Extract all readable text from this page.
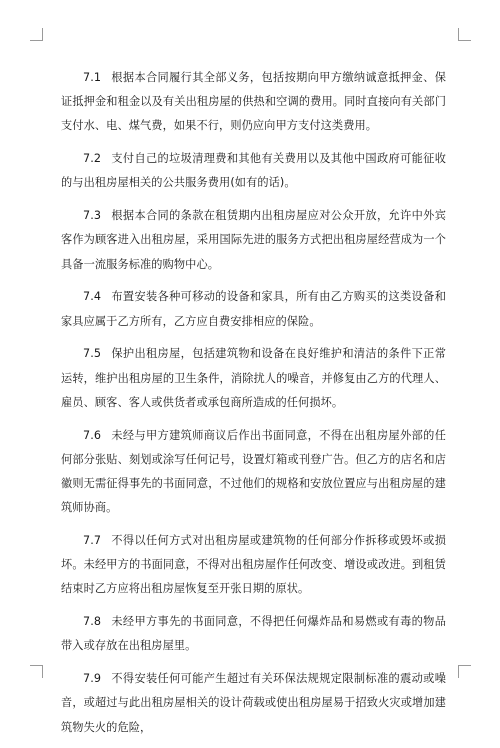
7.1 根据本合同履行其全部义务，包括按期向甲方缴纳诚意抵押金、保证抵押金和租金以及有关出租房屋的供热和空调的费用。同时直接向有关部门支付水、电、煤气费，如果不行，则仍应向甲方支付这类费用。

7.2 支付自己的垃圾清理费和其他有关费用以及其他中国政府可能征收的与出租房屋相关的公共服务费用(如有的话)。

7.3 根据本合同的条款在租赁期内出租房屋应对公众开放，允许中外宾客作为顾客进入出租房屋，采用国际先进的服务方式把出租房屋经营成为一个具备一流服务标准的购物中心。

7.4 布置安装各种可移动的设备和家具，所有由乙方购买的这类设备和家具应属于乙方所有，乙方应自费安排相应的保险。

7.5 保护出租房屋，包括建筑物和设备在良好维护和清洁的条件下正常运转，维护出租房屋的卫生条件，消除扰人的噪音，并修复由乙方的代理人、雇员、顾客、客人或供货者或承包商所造成的任何损坏。

7.6 未经与甲方建筑师商议后作出书面同意，不得在出租房屋外部的任何部分张贴、刻划或涂写任何记号，设置灯箱或刊登广告。但乙方的店名和店徽则无需征得事先的书面同意，不过他们的规格和安放位置应与出租房屋的建筑师协商。

7.7 不得以任何方式对出租房屋或建筑物的任何部分作拆移或毁坏或损坏。未经甲方的书面同意，不得对出租房屋作任何改变、增设或改进。到租赁结束时乙方应将出租房屋恢复至开张日期的原状。

7.8 未经甲方事先的书面同意，不得把任何爆炸品和易燃或有毒的物品带入或存放在出租房屋里。

7.9 不得安装任何可能产生超过有关环保法规规定限制标准的震动或噪音，或超过与此出租房屋相关的设计荷载或使出租房屋易于招致火灾或增加建筑物失火的危险，
